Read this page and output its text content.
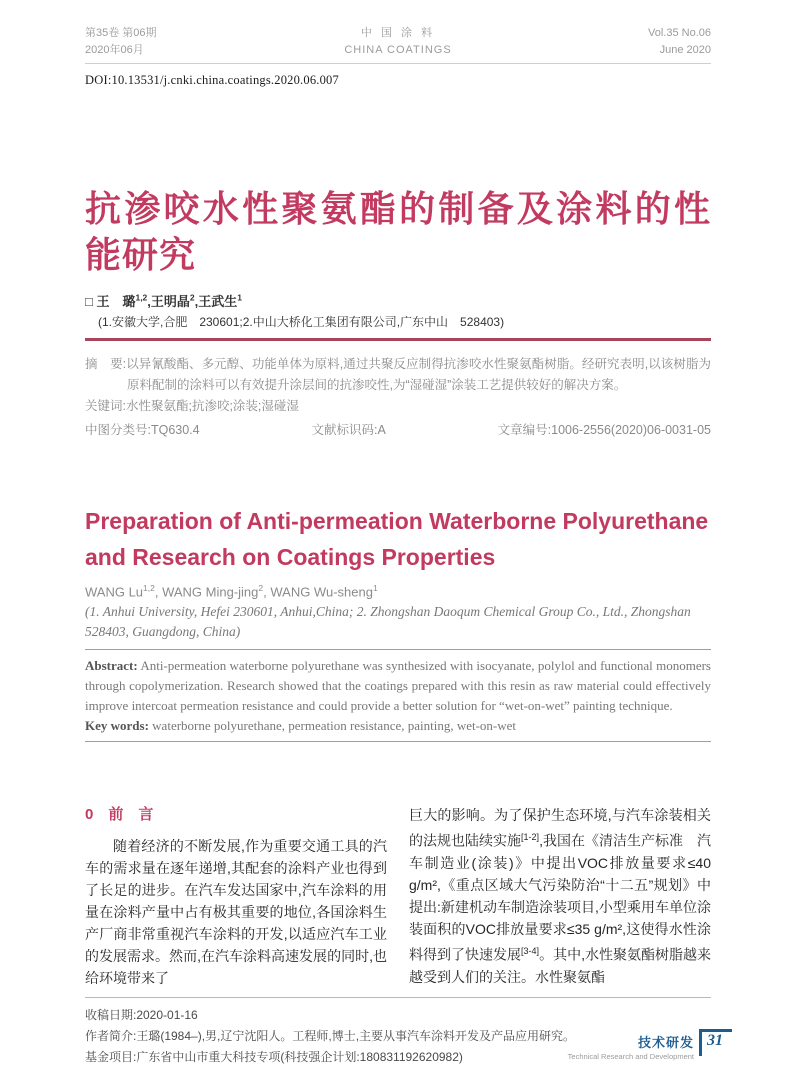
第35卷 第06期
2020年06月
中 国 涂 料
CHINA COATINGS
Vol.35 No.06
June 2020
DOI:10.13531/j.cnki.china.coatings.2020.06.007
抗渗咬水性聚氨酯的制备及涂料的性能研究
□ 王　璐$^{1,2}$,王明晶$^2$,王武生$^1$
(1.安徽大学,合肥　230601;2.中山大桥化工集团有限公司,广东中山　528403)
摘　要:以异氰酸酯、多元醇、功能单体为原料,通过共聚反应制得抗渗咬水性聚氨酯树脂。经研究表明,以该树脂为原料配制的涂料可以有效提升涂层间的抗渗咬性,为“湿碰湿”涂装工艺提供较好的解决方案。
关键词:水性聚氨酯;抗渗咬;涂装;湿碰湿
中图分类号:TQ630.4	文献标识码:A	文章编号:1006-2556(2020)06-0031-05
Preparation of Anti-permeation Waterborne Polyurethane and Research on Coatings Properties
WANG Lu$^{1,2}$, WANG Ming-jing$^2$, WANG Wu-sheng$^1$
(1. Anhui University, Hefei 230601, Anhui,China; 2. Zhongshan Daoqum Chemical Group Co., Ltd., Zhongshan 528403, Guangdong, China)
Abstract: Anti-permeation waterborne polyurethane was synthesized with isocyanate, polylol and functional monomers through copolymerization. Research showed that the coatings prepared with this resin as raw material could effectively improve intercoat permeation resistance and could provide a better solution for “wet-on-wet” painting technique.
Key words: waterborne polyurethane, permeation resistance, painting, wet-on-wet
0　前　言
随着经济的不断发展,作为重要交通工具的汽车的需求量在逐年递增,其配套的涂料产业也得到了长足的进步。在汽车发达国家中,汽车涂料的用量在涂料产量中占有极其重要的地位,各国涂料生产厂商非常重视汽车涂料的开发,以适应汽车工业的发展需求。然而,在汽车涂料高速发展的同时,也给环境带来了
巨大的影响。为了保护生态环境,与汽车涂装相关的法规也陆续实施[1-2],我国在《清洁生产标准　汽车制造业(涂装)》中提出VOC排放量要求≤40 g/m²,《重点区域大气污染防治“十二五”规划》中提出:新建机动车制造涂装项目,小型乘用车单位涂装面积的VOC排放量要求≤35 g/m²,这使得水性涂料得到了快速发展[3-4]。其中,水性聚氨酯树脂越来越受到人们的关注。水性聚氨酯
收稿日期:2020-01-16
作者简介:王璐(1984–),男,辽宁沈阳人。工程师,博士,主要从事汽车涂料开发及产品应用研究。
基金项目:广东省中山市重大科技专项(科技强企计划:180831192620982)
技术研发
Technical Research and Development
31
